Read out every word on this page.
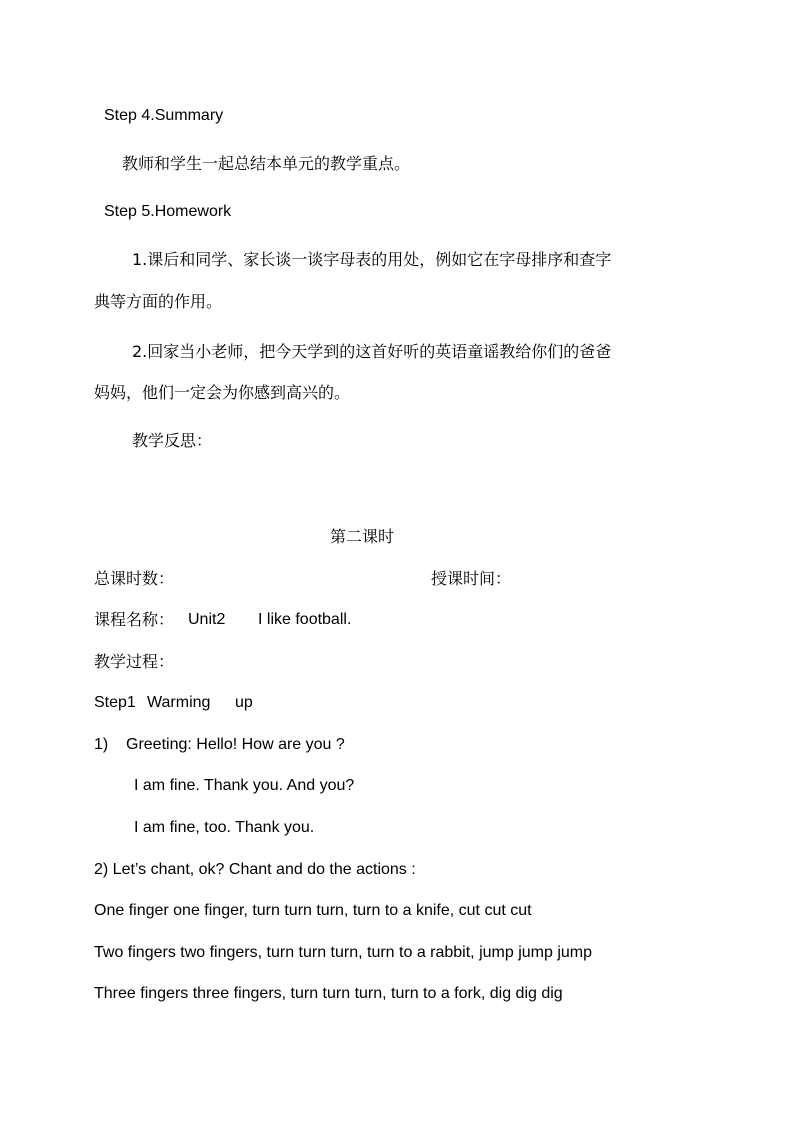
Step 4.Summary

教师和学生一起总结本单元的教学重点。

Step 5.Homework

1.课后和同学、家长谈一谈字母表的用处，例如它在字母排序和查字

典等方面的作用。

2.回家当小老师，把今天学到的这首好听的英语童谣教给你们的爸爸

妈妈，他们一定会为你感到高兴的。

教学反思：

第二课时

总课时数：	授课时间：

课程名称： Unit2 I like football.

教学过程：

Step1 Warming up

1) Greeting: Hello! How are you ?

I am fine. Thank you. And you?

I am fine, too. Thank you.

2) Let’s chant, ok? Chant and do the actions :

One finger one finger, turn turn turn, turn to a knife, cut cut cut

Two fingers two fingers, turn turn turn, turn to a rabbit, jump jump jump

Three fingers three fingers, turn turn turn, turn to a fork, dig dig dig
